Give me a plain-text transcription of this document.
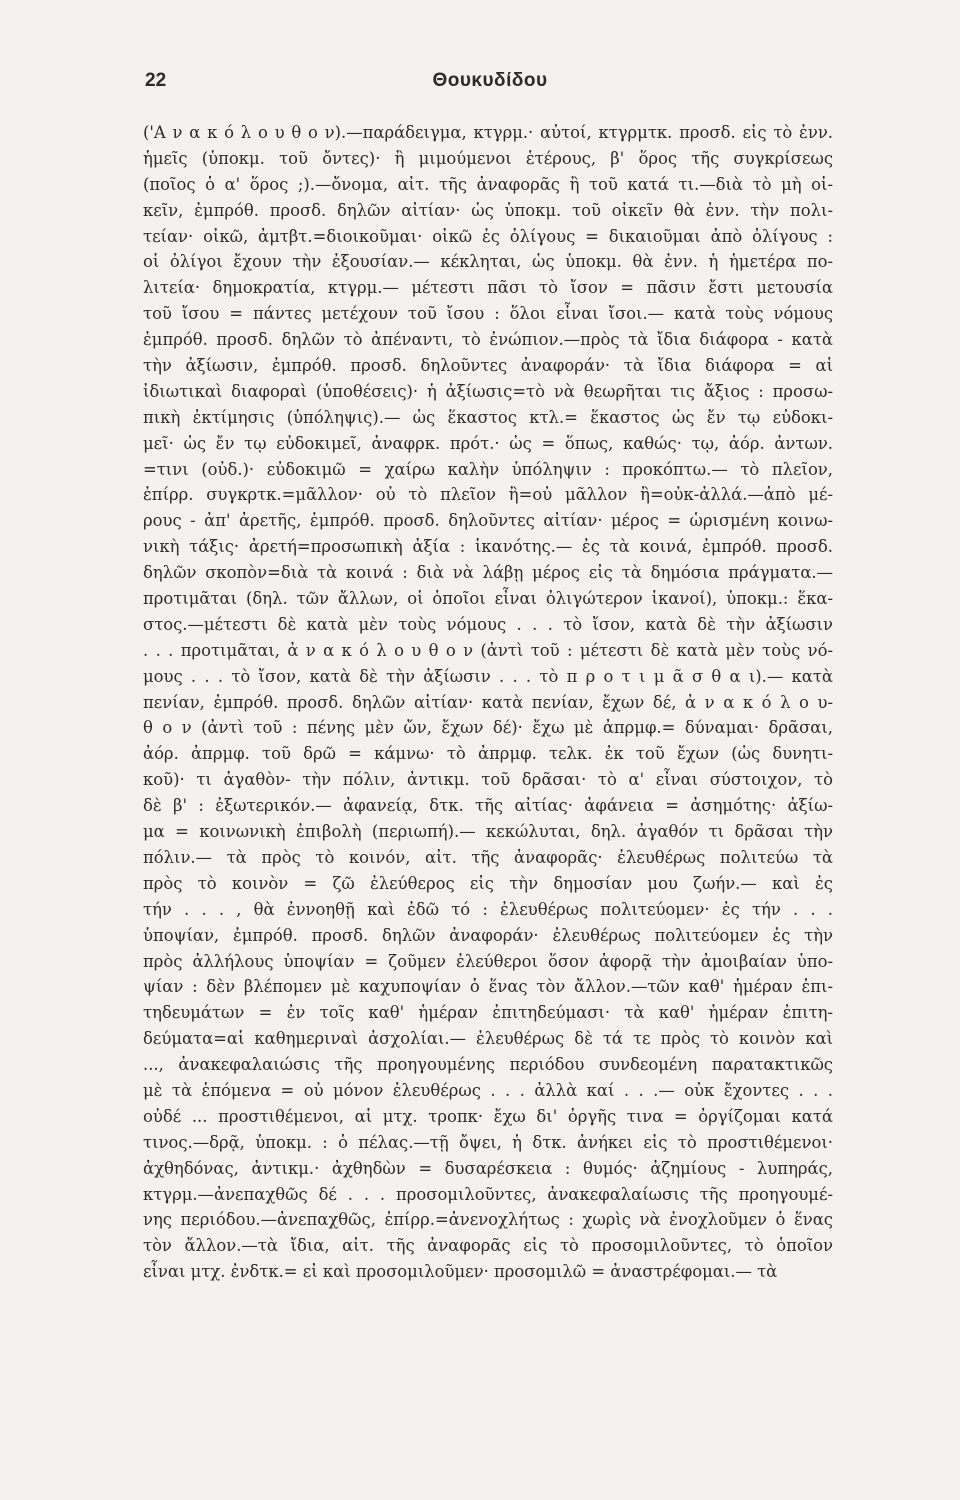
22	Θουκυδίδου
('Α ν α κ ό λ ο υ θ ο ν).—παράδειγμα, κτγρμ.· αὐτοί, κτγρμτκ. προσδ. εἰς τὸ ἐνν.
ἡμεῖς (ὑποκμ. τοῦ ὄντες)· ἢ μιμούμενοι ἑτέρους, β' ὅρος τῆς συγκρίσεως
(ποῖος ὁ α' ὅρος ;).—ὄνομα, αἰτ. τῆς ἀναφορᾶς ἢ τοῦ κατά τι.—διὰ τὸ μὴ οἰ-
κεῖν, ἐμπρόθ. προσδ. δηλῶν αἰτίαν· ὡς ὑποκμ. τοῦ οἰκεῖν θὰ ἐνν. τὴν πολι-
τείαν· οἰκῶ, ἀμτβτ.=διοικοῦμαι· οἰκῶ ἐς ὀλίγους = δικαιοῦμαι ἀπὸ ὀλίγους :
οἱ ὀλίγοι ἔχουν τὴν ἐξουσίαν.— κέκληται, ὡς ὑποκμ. θὰ ἐνν. ἡ ἡμετέρα πο-
λιτεία· δημοκρατία, κτγρμ.— μέτεστι πᾶσι τὸ ἴσον = πᾶσιν ἔστι μετουσία
τοῦ ἴσου = πάντες μετέχουν τοῦ ἴσου : ὅλοι εἶναι ἴσοι.— κατὰ τοὺς νόμους
ἐμπρόθ. προσδ. δηλῶν τὸ ἀπέναντι, τὸ ἐνώπιον.—πρὸς τὰ ἴδια διάφορα - κατὰ
τὴν ἀξίωσιν, ἐμπρόθ. προσδ. δηλοῦντες ἀναφοράν· τὰ ἴδια διάφορα = αἱ
ἰδιωτικαὶ διαφοραὶ (ὑποθέσεις)· ἡ ἀξίωσις=τὸ νὰ θεωρῆται τις ἄξιος : προσω-
πικὴ ἐκτίμησις (ὑπόληψις).— ὡς ἕκαστος κτλ.= ἕκαστος ὡς ἔν τῳ εὐδοκι-
μεῖ· ὡς ἔν τῳ εὐδοκιμεῖ, ἀναφρκ. πρότ.· ὡς = ὅπως, καθώς· τῳ, ἀόρ. ἀντων.
=τινι (οὐδ.)· εὐδοκιμῶ = χαίρω καλὴν ὑπόληψιν : προκόπτω.— τὸ πλεῖον,
ἐπίρρ. συγκρτκ.=μᾶλλον· οὐ τὸ πλεῖον ἢ=οὐ μᾶλλον ἢ=οὐκ-ἀλλά.—ἀπὸ μέ-
ρους - ἀπ' ἀρετῆς, ἐμπρόθ. προσδ. δηλοῦντες αἰτίαν· μέρος = ὡρισμένη κοινω-
νικὴ τάξις· ἀρετή=προσωπικὴ ἀξία : ἱκανότης.— ἐς τὰ κοινά, ἐμπρόθ. προσδ.
δηλῶν σκοπὸν=διὰ τὰ κοινά : διὰ νὰ λάβῃ μέρος εἰς τὰ δημόσια πράγματα.—
προτιμᾶται (δηλ. τῶν ἄλλων, οἱ ὁποῖοι εἶναι ὀλιγώτερον ἱκανοί), ὑποκμ.: ἕκα-
στος.—μέτεστι δὲ κατὰ μὲν τοὺς νόμους . . . τὸ ἴσον, κατὰ δὲ τὴν ἀξίωσιν
. . . προτιμᾶται, ἀ ν α κ ό λ ο υ θ ο ν (ἀντὶ τοῦ : μέτεστι δὲ κατὰ μὲν τοὺς νό-
μους . . . τὸ ἴσον, κατὰ δὲ τὴν ἀξίωσιν . . . τὸ π ρ ο τ ι μ ᾶ σ θ α ι).— κατὰ
πενίαν, ἐμπρόθ. προσδ. δηλῶν αἰτίαν· κατὰ πενίαν, ἔχων δέ, ἀ ν α κ ό λ ο υ-
θ ο ν (ἀντὶ τοῦ : πένης μὲν ὤν, ἔχων δέ)· ἔχω μὲ ἀπρμφ.= δύναμαι· δρᾶσαι,
ἀόρ. ἀπρμφ. τοῦ δρῶ = κάμνω· τὸ ἀπρμφ. τελκ. ἐκ τοῦ ἔχων (ὡς δυνητι-
κοῦ)· τι ἀγαθὸν- τὴν πόλιν, ἀντικμ. τοῦ δρᾶσαι· τὸ α' εἶναι σύστοιχον, τὸ
δὲ β' : ἐξωτερικόν.— ἀφανείᾳ, δτκ. τῆς αἰτίας· ἀφάνεια = ἀσημότης· ἀξίω-
μα = κοινωνικὴ ἐπιβολὴ (περιωπή).— κεκώλυται, δηλ. ἀγαθόν τι δρᾶσαι τὴν
πόλιν.— τὰ πρὸς τὸ κοινόν, αἰτ. τῆς ἀναφορᾶς· ἐλευθέρως πολιτεύω τὰ
πρὸς τὸ κοινὸν = ζῶ ἐλεύθερος εἰς τὴν δημοσίαν μου ζωήν.— καὶ ἐς
τήν . . . , θὰ ἐννοηθῇ καὶ ἐδῶ τό : ἐλευθέρως πολιτεύομεν· ἐς τήν . . .
ὑποψίαν, ἐμπρόθ. προσδ. δηλῶν ἀναφοράν· ἐλευθέρως πολιτεύομεν ἐς τὴν
πρὸς ἀλλήλους ὑποψίαν = ζοῦμεν ἐλεύθεροι ὅσον ἀφορᾷ τὴν ἀμοιβαίαν ὑπο-
ψίαν : δὲν βλέπομεν μὲ καχυποψίαν ὁ ἕνας τὸν ἄλλον.—τῶν καθ' ἡμέραν ἐπι-
τηδευμάτων = ἐν τοῖς καθ' ἡμέραν ἐπιτηδεύμασι· τὰ καθ' ἡμέραν ἐπιτη-
δεύματα=αἱ καθημεριναὶ ἀσχολίαι.— ἐλευθέρως δὲ τά τε πρὸς τὸ κοινὸν καὶ
..., ἀνακεφαλαιώσις τῆς προηγουμένης περιόδου συνδεομένη παρατακτικῶς
μὲ τὰ ἑπόμενα = οὐ μόνον ἐλευθέρως . . . ἀλλὰ καί . . .— οὐκ ἔχοντες . . .
οὐδέ ... προστιθέμενοι, αἱ μτχ. τροπκ· ἔχω δι' ὀργῆς τινα = ὀργίζομαι κατά
τινος.—δρᾷ, ὑποκμ. : ὁ πέλας.—τῇ ὄψει, ἡ δτκ. ἀνήκει εἰς τὸ προστιθέμενοι·
ἀχθηδόνας, ἀντικμ.· ἀχθηδὼν = δυσαρέσκεια : θυμός· ἀζημίους - λυπηράς,
κτγρμ.—ἀνεπαχθῶς δέ . . . προσομιλοῦντες, ἀνακεφαλαίωσις τῆς προηγουμέ-
νης περιόδου.—ἀνεπαχθῶς, ἐπίρρ.=ἀνενοχλήτως : χωρὶς νὰ ἐνοχλοῦμεν ὁ ἕνας
τὸν ἄλλον.—τὰ ἴδια, αἰτ. τῆς ἀναφορᾶς εἰς τὸ προσομιλοῦντες, τὸ ὁποῖον
εἶναι μτχ. ἐνδτκ.= εἰ καὶ προσομιλοῦμεν· προσομιλῶ = ἀναστρέφομαι.— τὰ
